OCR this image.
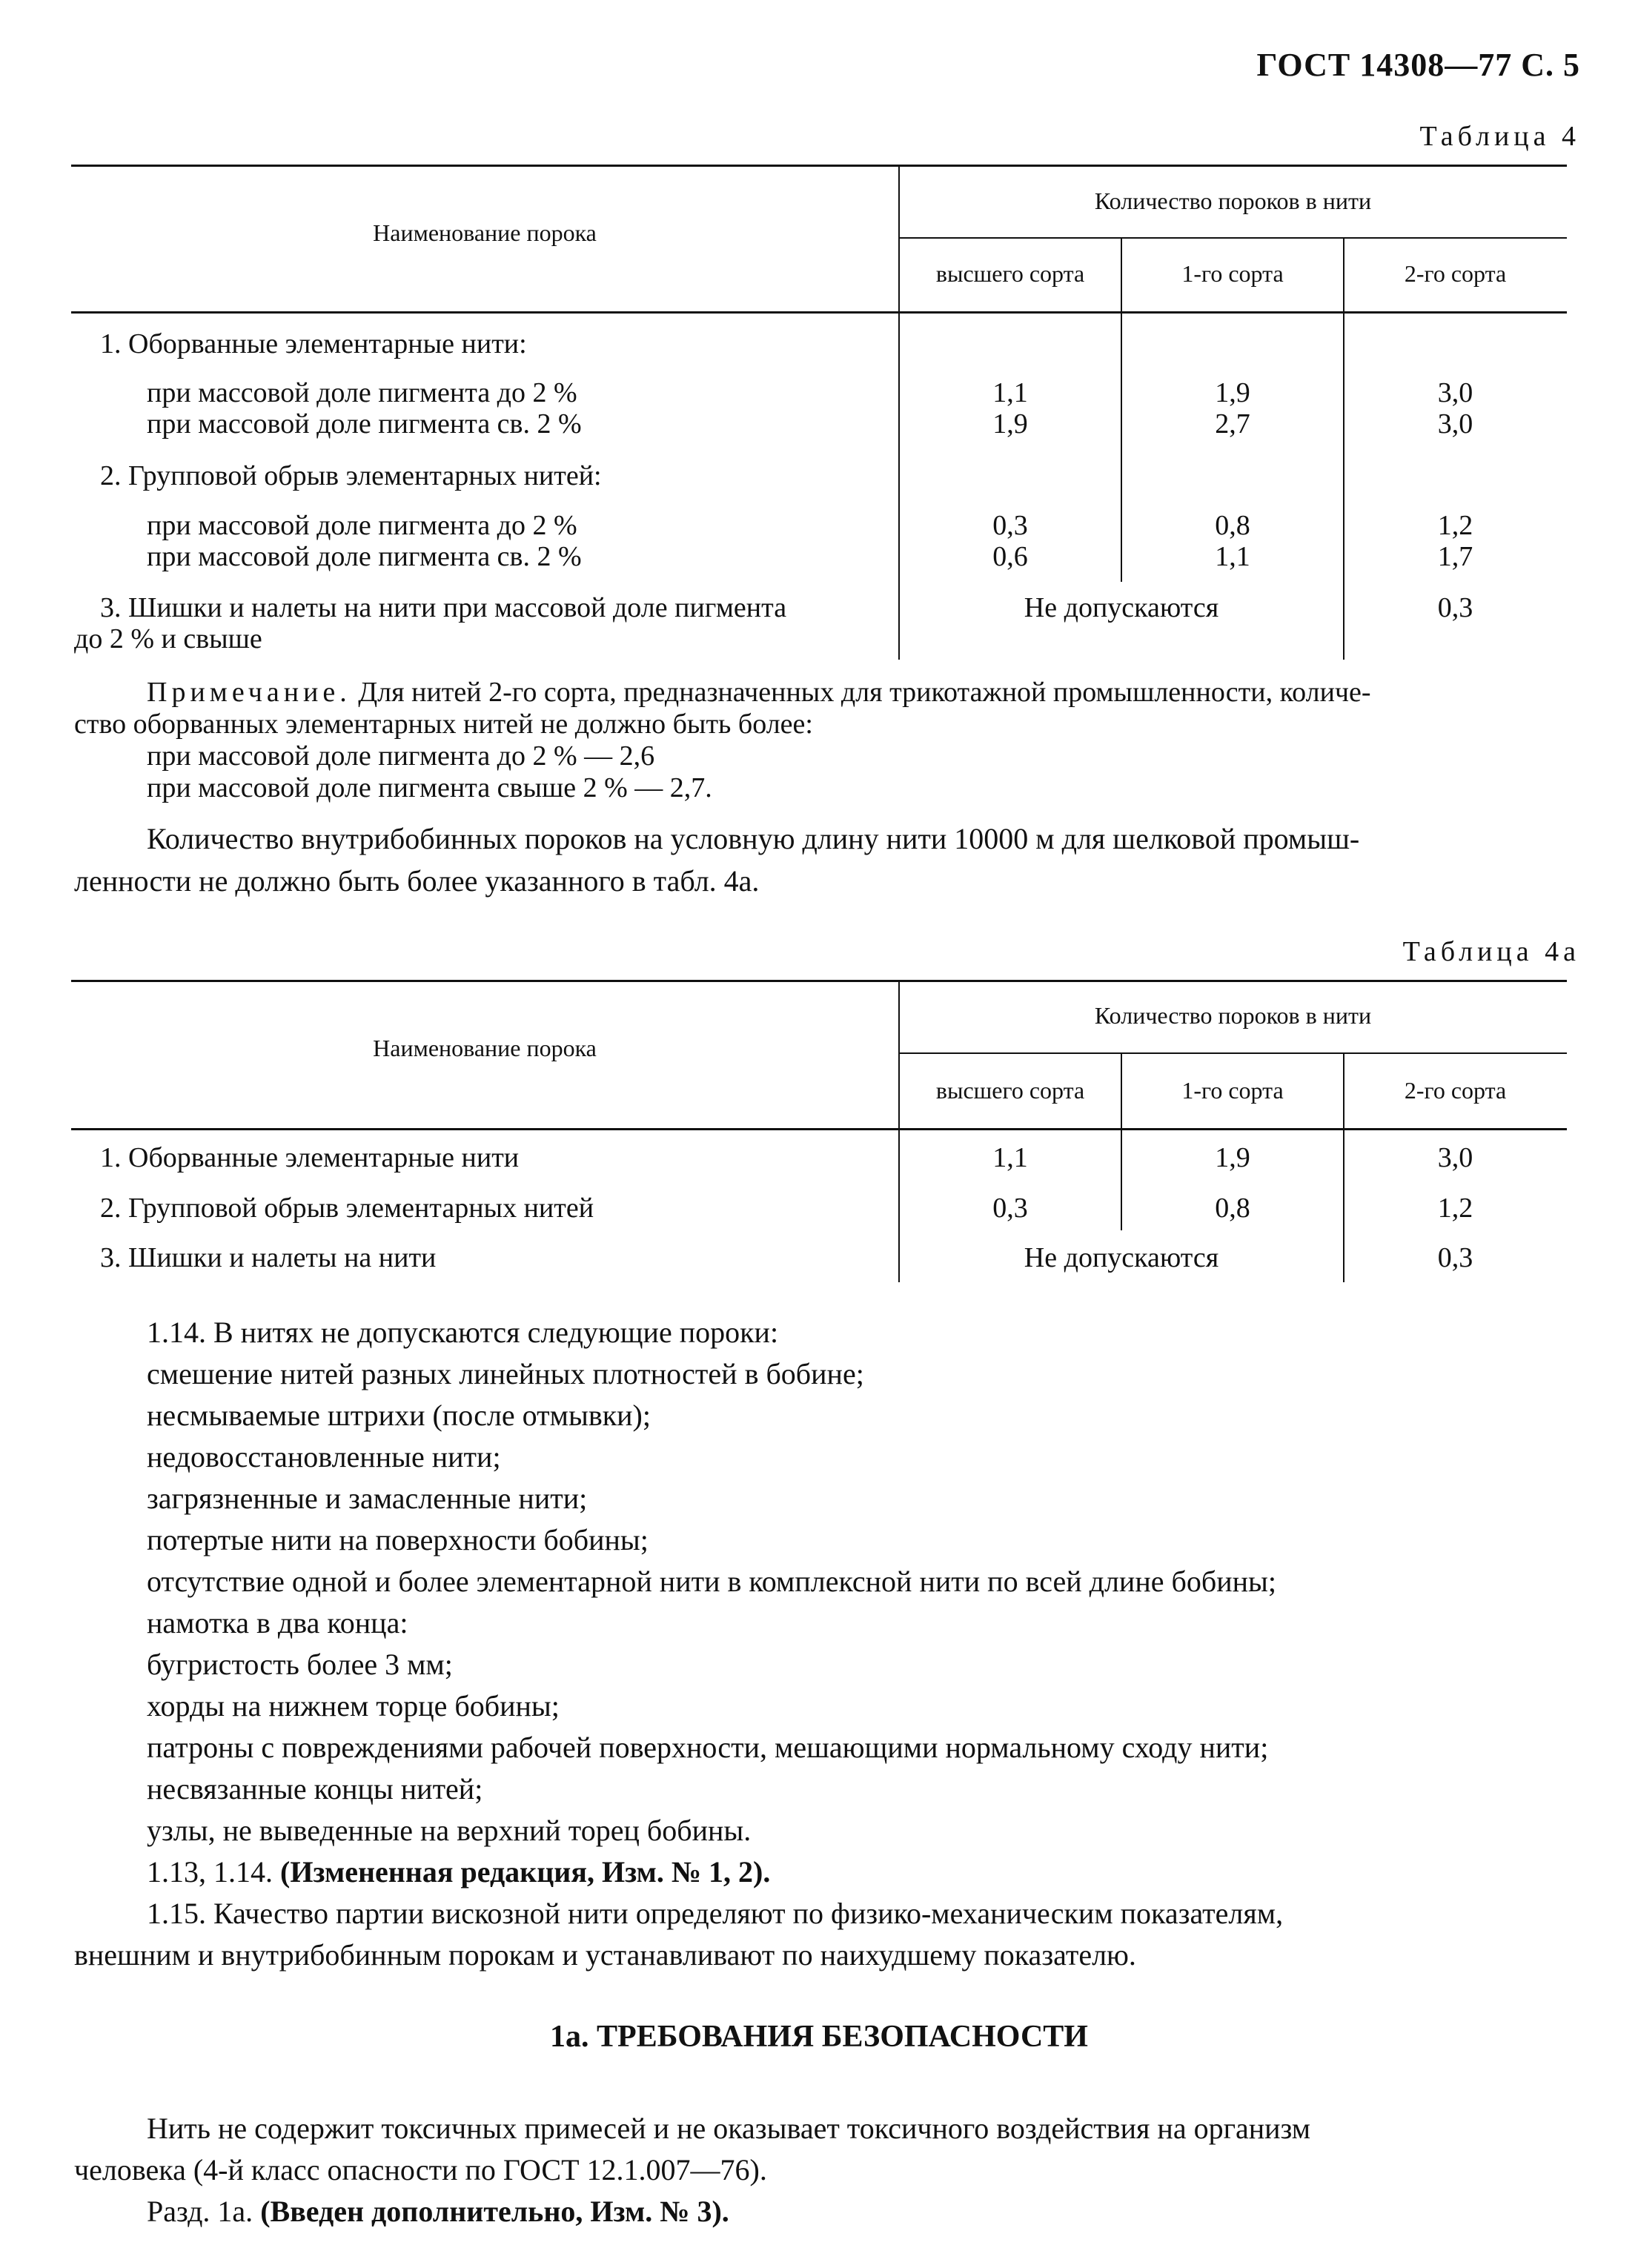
ГОСТ 14308—77 С. 5
Таблица 4
Наименование порока
Количество пороков в нити
высшего сорта	1-го сорта	2-го сорта
1. Оборванные элементарные нити:
при массовой доле пигмента до 2 %	1,1	1,9	3,0
при массовой доле пигмента св. 2 %	1,9	2,7	3,0
2. Групповой обрыв элементарных нитей:
при массовой доле пигмента до 2 %	0,3	0,8	1,2
при массовой доле пигмента св. 2 %	0,6	1,1	1,7
3. Шишки и налеты на нити при массовой доле пигмента
до 2 % и свыше
Не допускаются	0,3
Примечание. Для нитей 2-го сорта, предназначенных для трикотажной промышленности, количе-
ство оборванных элементарных нитей не должно быть более:
при массовой доле пигмента до 2 % — 2,6
при массовой доле пигмента свыше 2 % — 2,7.
Количество внутрибобинных пороков на условную длину нити 10000 м для шелковой промыш-
ленности не должно быть более указанного в табл. 4а.
Таблица 4а
Наименование порока
Количество пороков в нити
высшего сорта	1-го сорта	2-го сорта
1. Оборванные элементарные нити	1,1	1,9	3,0
2. Групповой обрыв элементарных нитей	0,3	0,8	1,2
3. Шишки и налеты на нити	Не допускаются	0,3
1.14. В нитях не допускаются следующие пороки:
смешение нитей разных линейных плотностей в бобине;
несмываемые штрихи (после отмывки);
недовосстановленные нити;
загрязненные и замасленные нити;
потертые нити на поверхности бобины;
отсутствие одной и более элементарной нити в комплексной нити по всей длине бобины;
намотка в два конца:
бугристость более 3 мм;
хорды на нижнем торце бобины;
патроны с повреждениями рабочей поверхности, мешающими нормальному сходу нити;
несвязанные концы нитей;
узлы, не выведенные на верхний торец бобины.
1.13, 1.14. (Измененная редакция, Изм. № 1, 2).
1.15. Качество партии вискозной нити определяют по физико-механическим показателям,
внешним и внутрибобинным порокам и устанавливают по наихудшему показателю.
1а. ТРЕБОВАНИЯ БЕЗОПАСНОСТИ
Нить не содержит токсичных примесей и не оказывает токсичного воздействия на организм
человека (4-й класс опасности по ГОСТ 12.1.007—76).
Разд. 1а. (Введен дополнительно, Изм. № 3).
